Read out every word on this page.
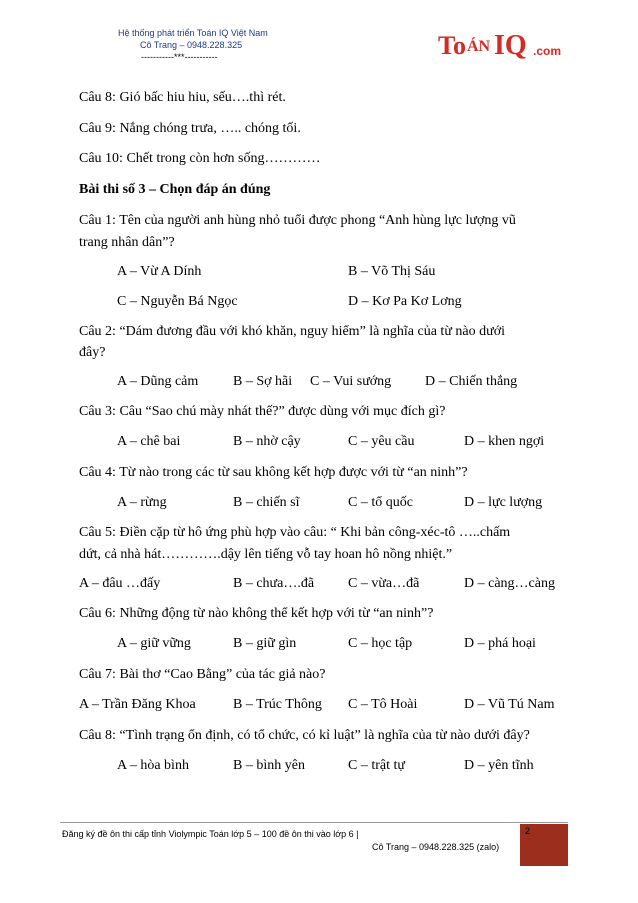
Hệ thống phát triển Toán IQ Việt Nam
Cô Trang – 0948.228.325
-----------***-----------	To ÁN IQ .com
Câu 8: Gió bấc hiu hiu, sếu….thì rét.
Câu 9: Nắng chóng trưa, ….. chóng tối.
Câu 10: Chết trong còn hơn sống…………
Bài thi số 3 – Chọn đáp án đúng
Câu 1: Tên của người anh hùng nhỏ tuổi được phong “Anh hùng lực lượng vũ
trang nhân dân”?
A – Vừ A Dính	B – Võ Thị Sáu
C – Nguyễn Bá Ngọc	D – Kơ Pa Kơ Lơng
Câu 2: “Dám đương đầu với khó khăn, nguy hiểm” là nghĩa của từ nào dưới
đây?
A – Dũng cảm B – Sợ hãi C – Vui sướng D – Chiến thắng
Câu 3: Câu “Sao chú mày nhát thế?” được dùng với mục đích gì?
A – chê bai	B – nhờ cậy	C – yêu cầu	D – khen ngợi
Câu 4: Từ nào trong các từ sau không kết hợp được với từ “an ninh”?
A – rừng	B – chiến sĩ	C – tổ quốc	D – lực lượng
Câu 5: Điền cặp từ hô ứng phù hợp vào câu: “ Khi bản công-xéc-tô …..chấm
dứt, cả nhà hát………….dậy lên tiếng vỗ tay hoan hô nồng nhiệt.”
A – đâu …đấy	B – chưa….đã C – vừa…đã	D – càng…càng
Câu 6: Những động từ nào không thể kết hợp với từ “an ninh”?
A – giữ vững	B – giữ gìn	C – học tập	D – phá hoại
Câu 7: Bài thơ “Cao Bằng” của tác giả nào?
A – Trần Đăng Khoa	B – Trúc Thông C – Tô Hoài	D – Vũ Tú Nam
Câu 8: “Tình trạng ổn định, có tổ chức, có kỉ luật” là nghĩa của từ nào dưới đây?
A – hòa bình	B – bình yên	C – trật tự	D – yên tĩnh
Đăng ký đề ôn thi cấp tỉnh Violympic Toán lớp 5 – 100 đề ôn thi vào lớp 6 |
Cô Trang – 0948.228.325 (zalo)
2
